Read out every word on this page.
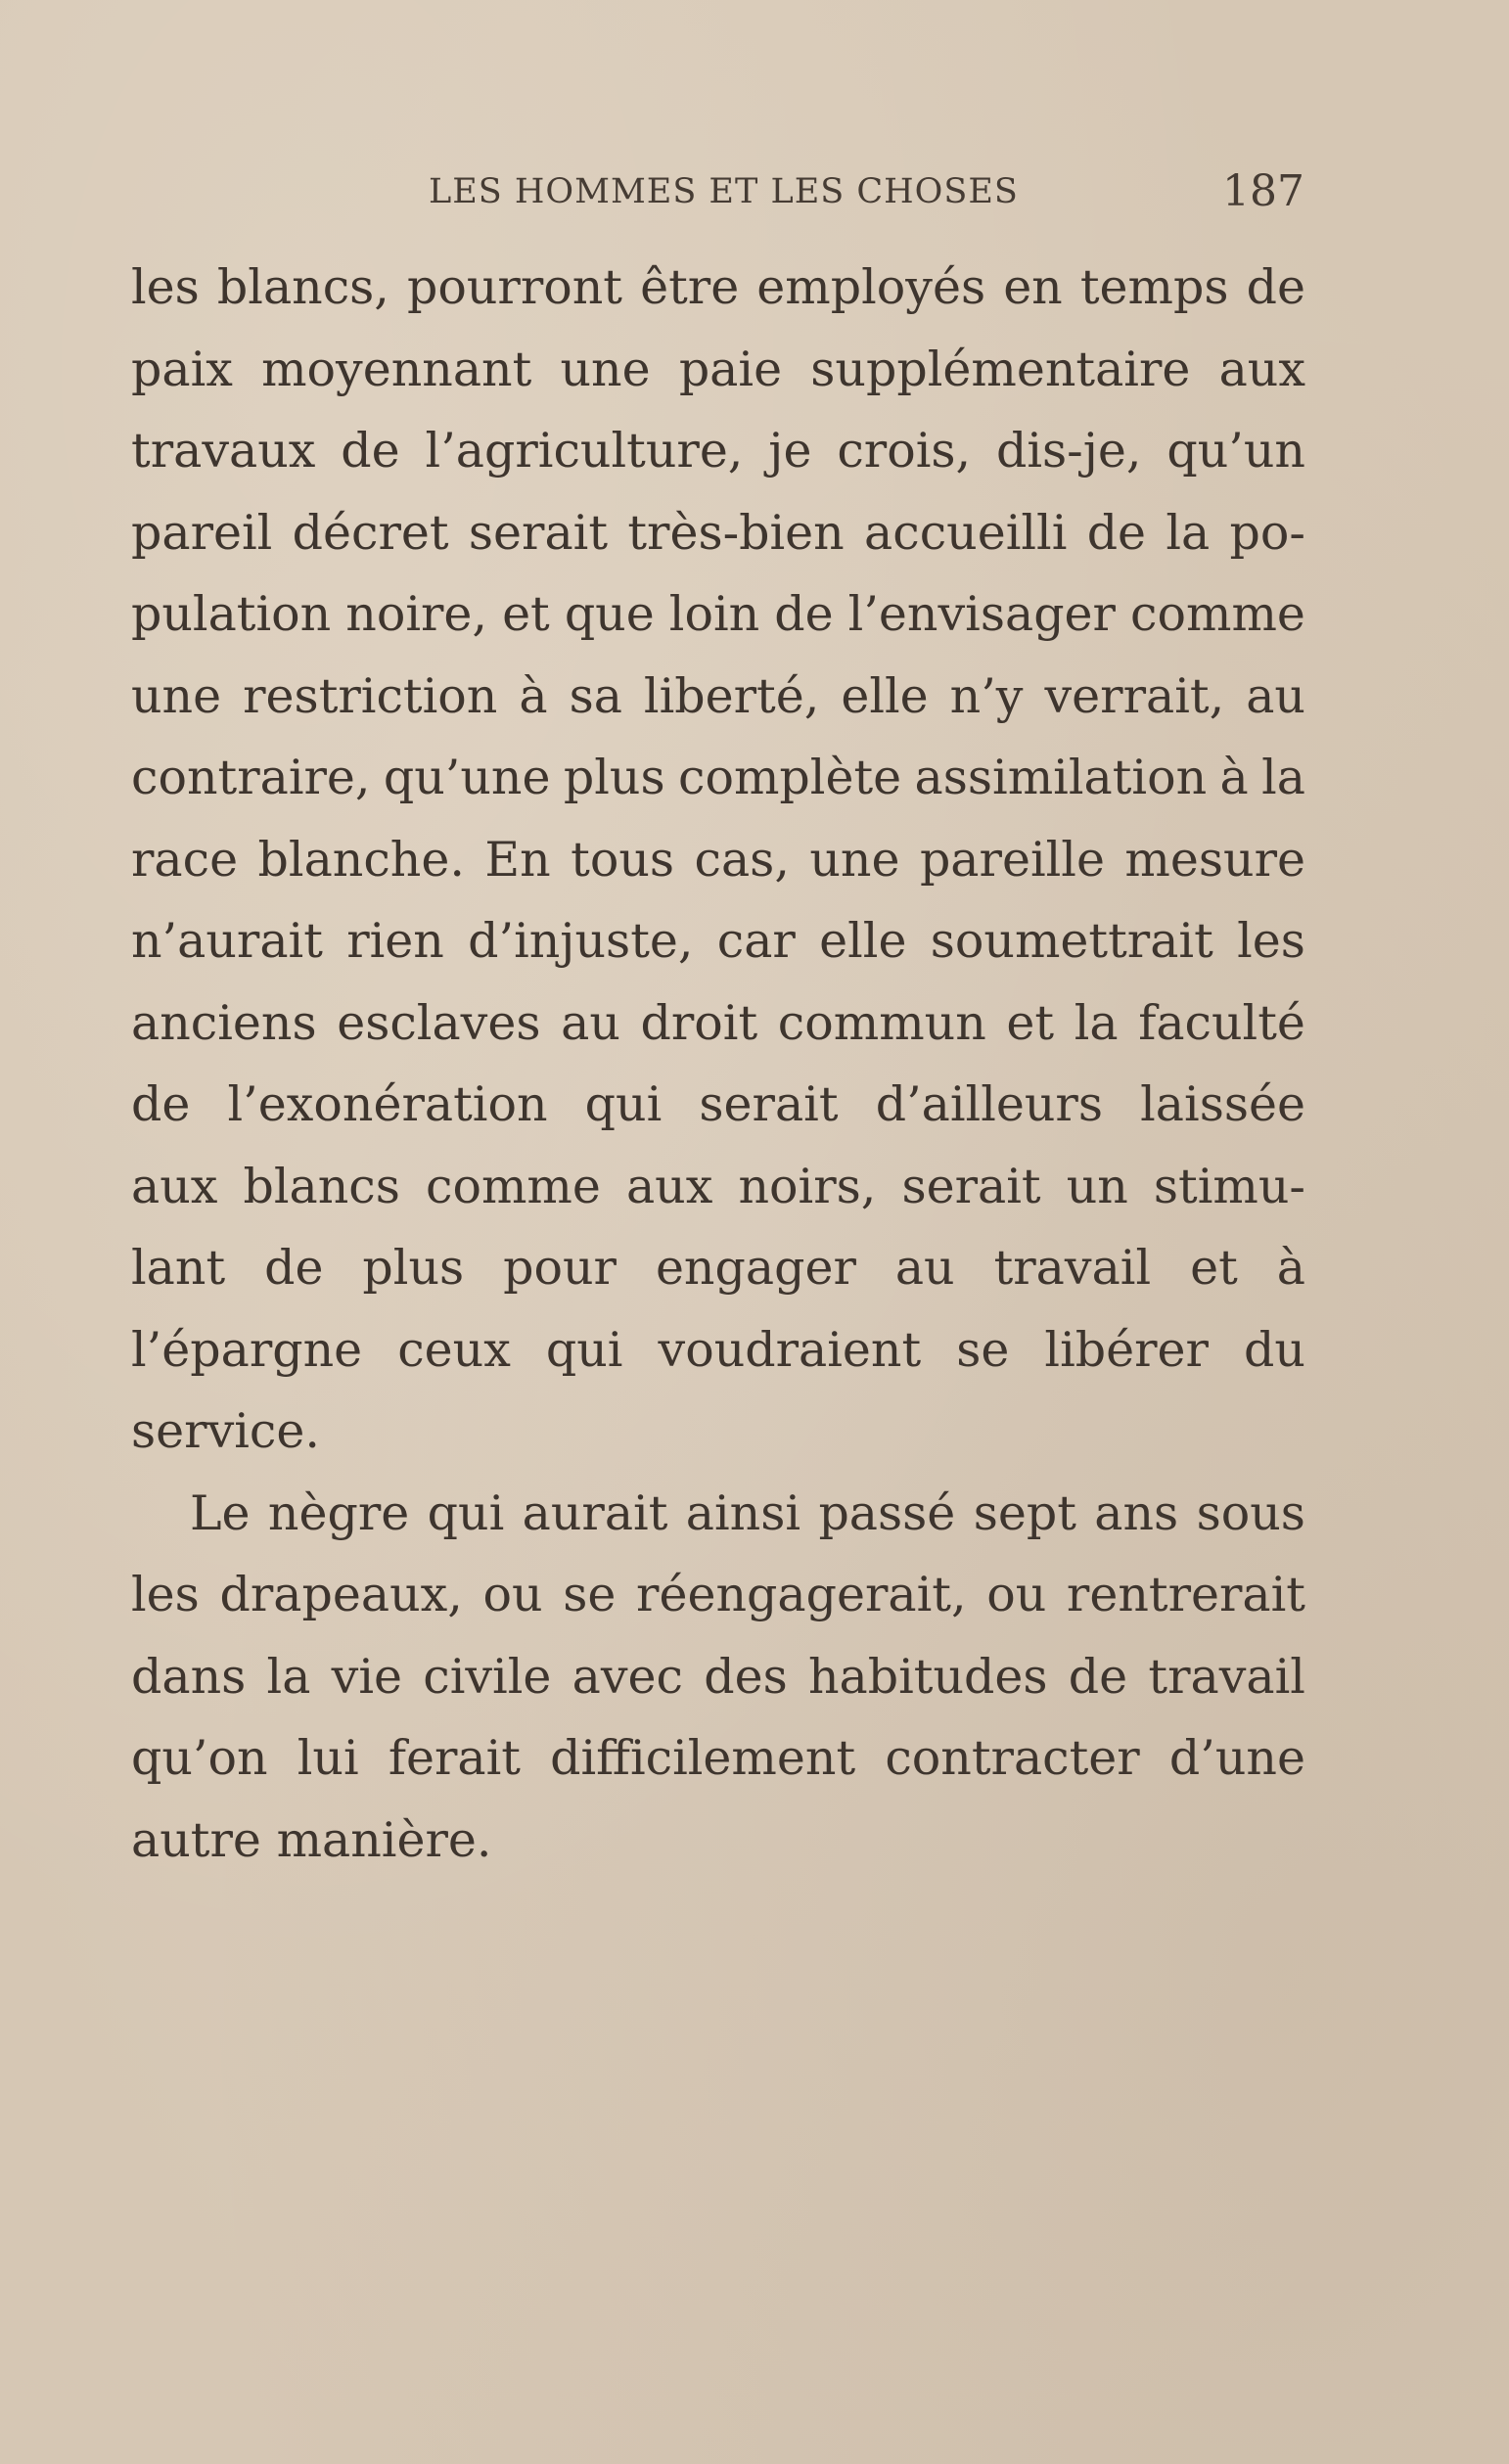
LES HOMMES ET LES CHOSES	187
les blancs, pourront être employés en temps de
paix moyennant une paie supplémentaire aux
travaux de l’agriculture, je crois, dis-je, qu’un
pareil décret serait très-bien accueilli de la po-
pulation noire, et que loin de l’envisager comme
une restriction à sa liberté, elle n’y verrait, au
contraire, qu’une plus complète assimilation à la
race blanche. En tous cas, une pareille mesure
n’aurait rien d’injuste, car elle soumettrait les
anciens esclaves au droit commun et la faculté
de l’exonération qui serait d’ailleurs laissée
aux blancs comme aux noirs, serait un stimu-
lant de plus pour engager au travail et à
l’épargne ceux qui voudraient se libérer du
service.
Le nègre qui aurait ainsi passé sept ans sous
les drapeaux, ou se réengagerait, ou rentrerait
dans la vie civile avec des habitudes de travail
qu’on lui ferait difficilement contracter d’une
autre manière.
